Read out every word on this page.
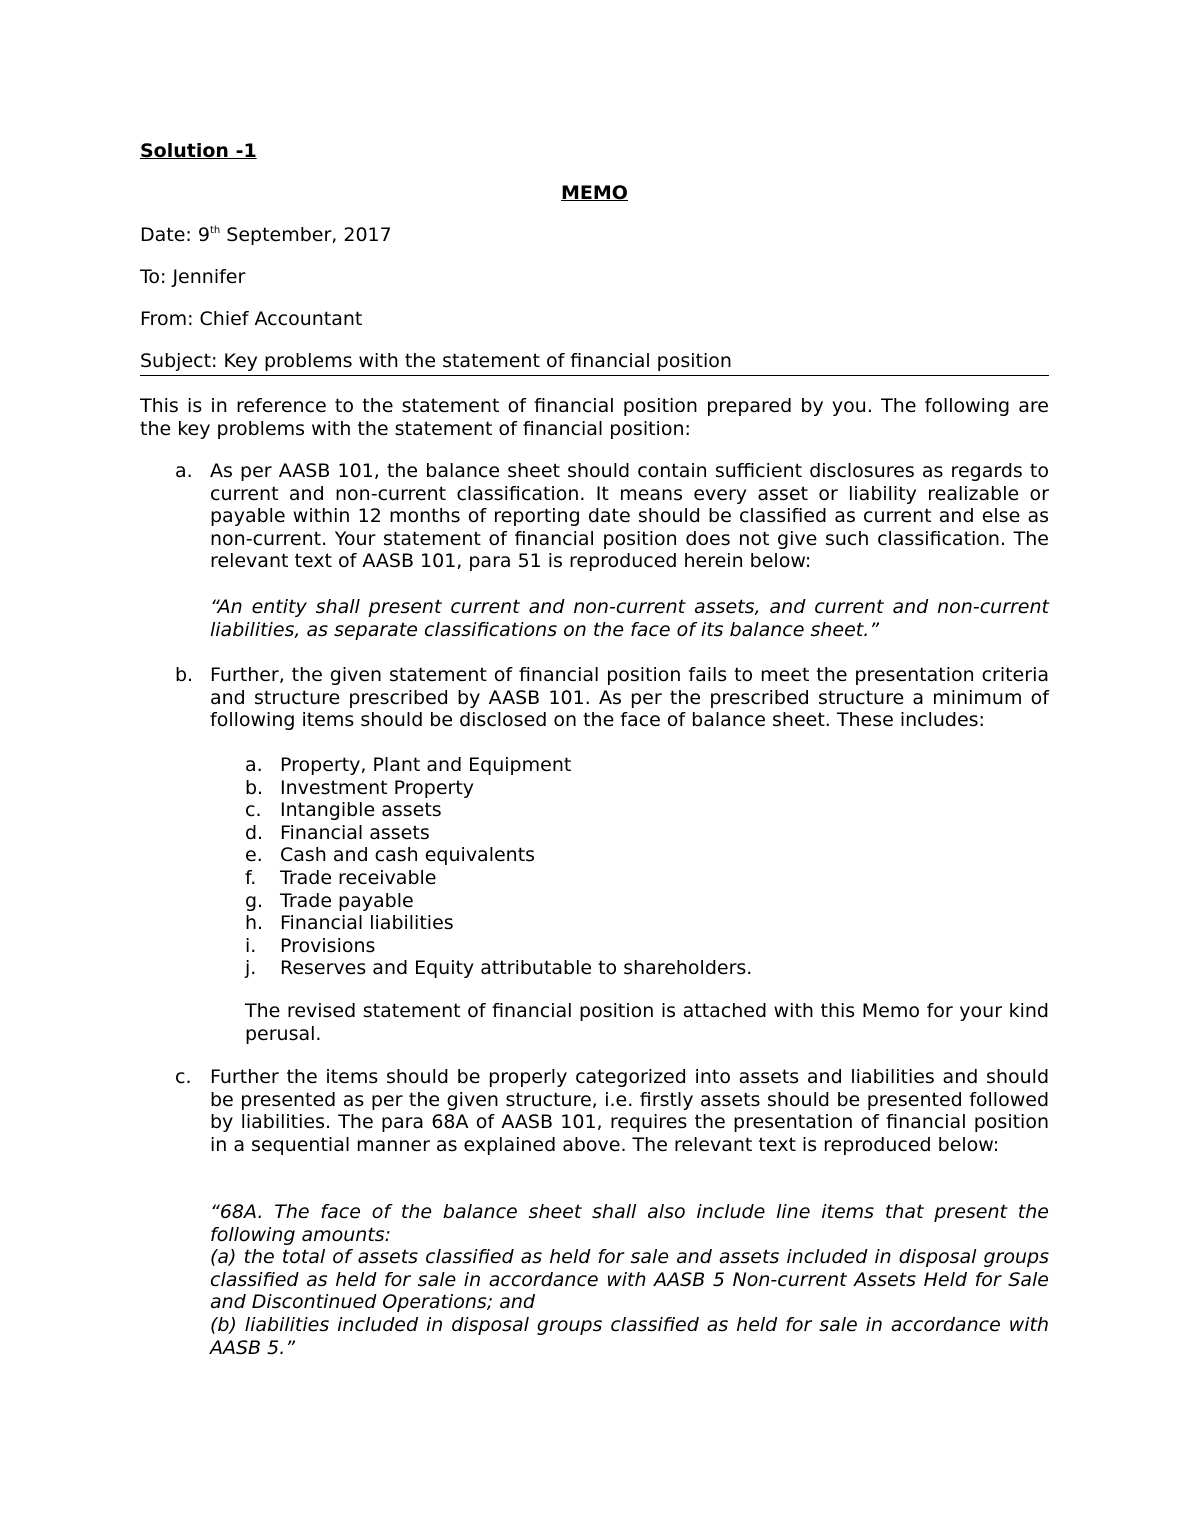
Solution -1
MEMO
Date: 9th September, 2017
To: Jennifer
From: Chief Accountant
Subject: Key problems with the statement of financial position
This is in reference to the statement of financial position prepared by you. The following are the key problems with the statement of financial position:
a. As per AASB 101, the balance sheet should contain sufficient disclosures as regards to current and non-current classification. It means every asset or liability realizable or payable within 12 months of reporting date should be classified as current and else as non-current. Your statement of financial position does not give such classification. The relevant text of AASB 101, para 51 is reproduced herein below:
“An entity shall present current and non-current assets, and current and non-current liabilities, as separate classifications on the face of its balance sheet.”
b. Further, the given statement of financial position fails to meet the presentation criteria and structure prescribed by AASB 101. As per the prescribed structure a minimum of following items should be disclosed on the face of balance sheet. These includes:
a. Property, Plant and Equipment
b. Investment Property
c. Intangible assets
d. Financial assets
e. Cash and cash equivalents
f. Trade receivable
g. Trade payable
h. Financial liabilities
i. Provisions
j. Reserves and Equity attributable to shareholders.
The revised statement of financial position is attached with this Memo for your kind perusal.
c. Further the items should be properly categorized into assets and liabilities and should be presented as per the given structure, i.e. firstly assets should be presented followed by liabilities. The para 68A of AASB 101, requires the presentation of financial position in a sequential manner as explained above. The relevant text is reproduced below:
“68A. The face of the balance sheet shall also include line items that present the following amounts:
(a) the total of assets classified as held for sale and assets included in disposal groups classified as held for sale in accordance with AASB 5 Non-current Assets Held for Sale and Discontinued Operations; and
(b) liabilities included in disposal groups classified as held for sale in accordance with AASB 5.”
